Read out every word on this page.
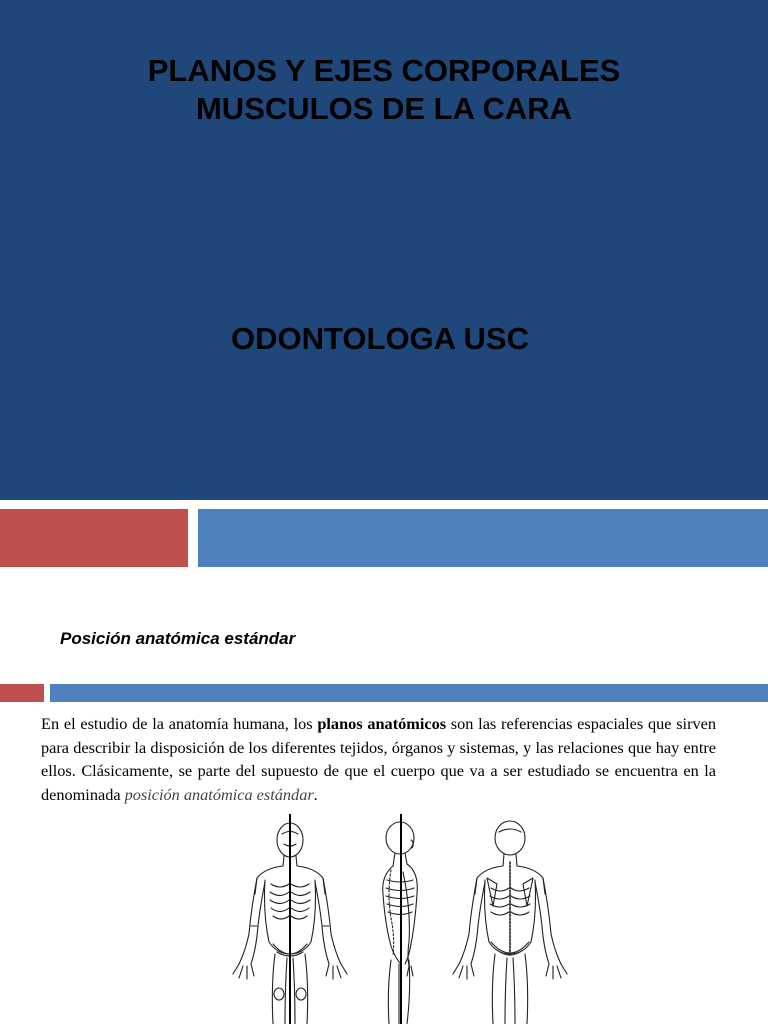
PLANOS Y EJES CORPORALES
MUSCULOS DE LA CARA
ODONTOLOGA USC
Posición anatómica estándar
En el estudio de la anatomía humana, los planos anatómicos son las referencias espaciales que sirven para describir la disposición de los diferentes tejidos, órganos y sistemas, y las relaciones que hay entre ellos. Clásicamente, se parte del supuesto de que el cuerpo que va a ser estudiado se encuentra en la denominada posición anatómica estándar.
